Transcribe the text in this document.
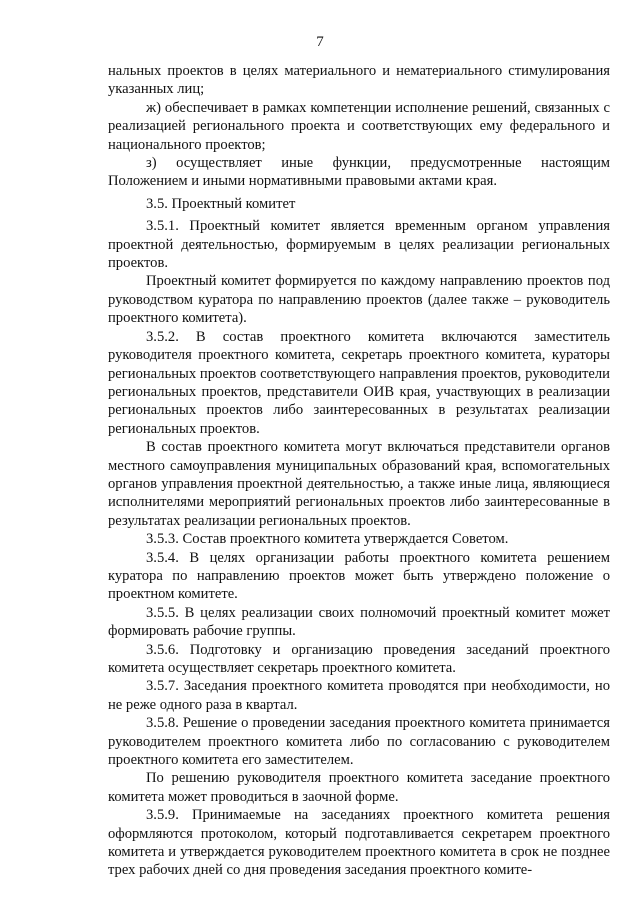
7

нальных проектов в целях материального и нематериального стимулирования указанных лиц;

ж) обеспечивает в рамках компетенции исполнение решений, связанных с реализацией регионального проекта и соответствующих ему федерального и национального проектов;

з) осуществляет иные функции, предусмотренные настоящим Положением и иными нормативными правовыми актами края.

3.5. Проектный комитет

3.5.1. Проектный комитет является временным органом управления проектной деятельностью, формируемым в целях реализации региональных проектов.

Проектный комитет формируется по каждому направлению проектов под руководством куратора по направлению проектов (далее также – руководитель проектного комитета).

3.5.2. В состав проектного комитета включаются заместитель руководителя проектного комитета, секретарь проектного комитета, кураторы региональных проектов соответствующего направления проектов, руководители региональных проектов, представители ОИВ края, участвующих в реализации региональных проектов либо заинтересованных в результатах реализации региональных проектов.

В состав проектного комитета могут включаться представители органов местного самоуправления муниципальных образований края, вспомогательных органов управления проектной деятельностью, а также иные лица, являющиеся исполнителями мероприятий региональных проектов либо заинтересованные в результатах реализации региональных проектов.

3.5.3. Состав проектного комитета утверждается Советом.

3.5.4. В целях организации работы проектного комитета решением куратора по направлению проектов может быть утверждено положение о проектном комитете.

3.5.5. В целях реализации своих полномочий проектный комитет может формировать рабочие группы.

3.5.6. Подготовку и организацию проведения заседаний проектного комитета осуществляет секретарь проектного комитета.

3.5.7. Заседания проектного комитета проводятся при необходимости, но не реже одного раза в квартал.

3.5.8. Решение о проведении заседания проектного комитета принимается руководителем проектного комитета либо по согласованию с руководителем проектного комитета его заместителем.

По решению руководителя проектного комитета заседание проектного комитета может проводиться в заочной форме.

3.5.9. Принимаемые на заседаниях проектного комитета решения оформляются протоколом, который подготавливается секретарем проектного комитета и утверждается руководителем проектного комитета в срок не позднее трех рабочих дней со дня проведения заседания проектного комите-
